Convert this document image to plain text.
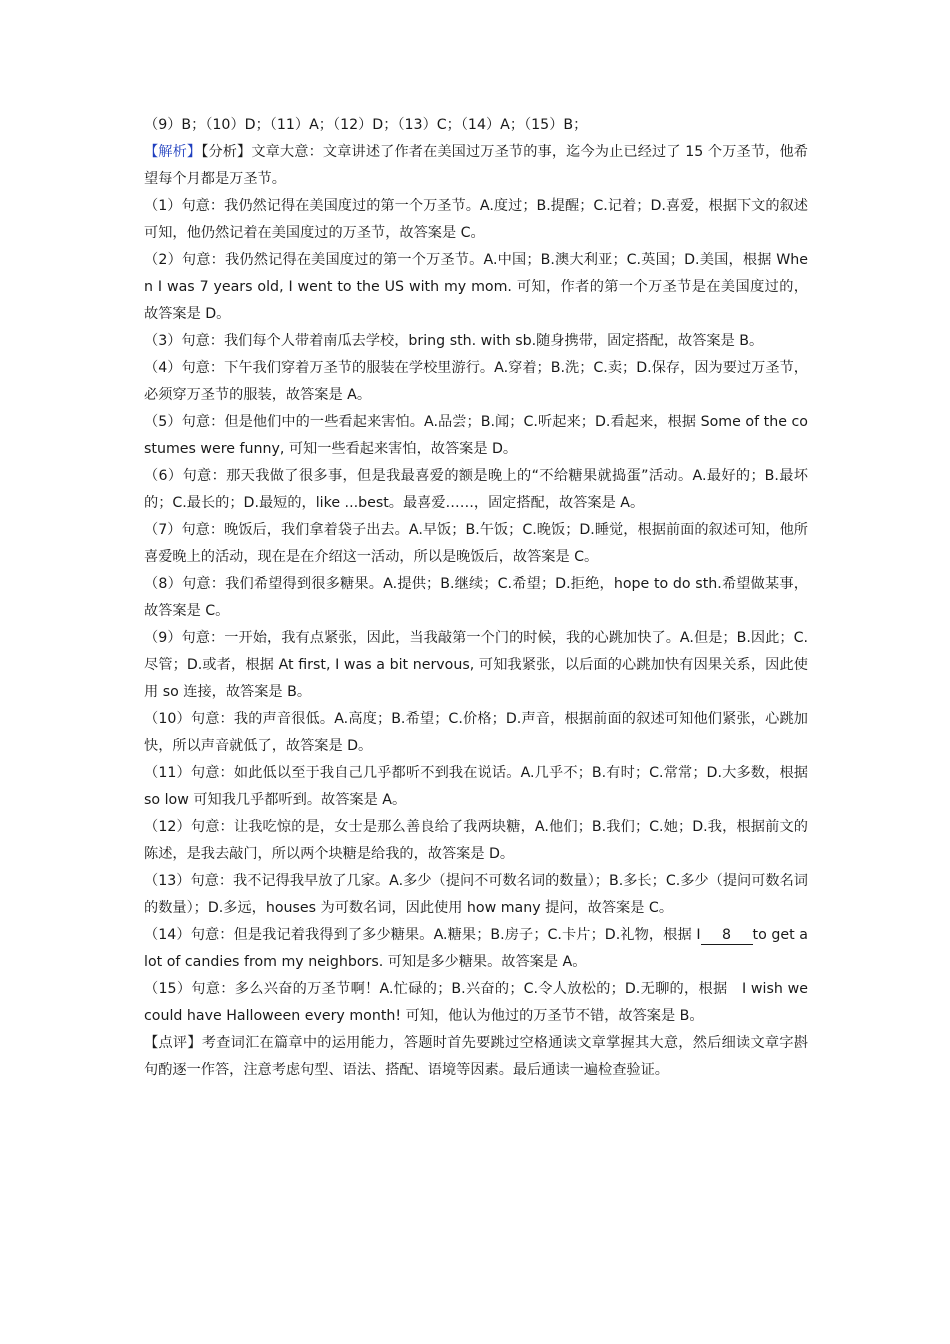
（9）B；（10）D；（11）A；（12）D；（13）C；（14）A；（15）B；

【解析】【分析】文章大意：文章讲述了作者在美国过万圣节的事，迄今为止已经过了 15 个万圣节，他希望每个月都是万圣节。

（1）句意：我仍然记得在美国度过的第一个万圣节。A.度过；B.提醒；C.记着；D.喜爱，根据下文的叙述可知，他仍然记着在美国度过的万圣节，故答案是 C。

（2）句意：我仍然记得在美国度过的第一个万圣节。A.中国；B.澳大利亚；C.英国；D.美国，根据 When I was 7 years old, I went to the US with my mom. 可知，作者的第一个万圣节是在美国度过的，故答案是 D。

（3）句意：我们每个人带着南瓜去学校，bring sth. with sb.随身携带，固定搭配，故答案是 B。

（4）句意：下午我们穿着万圣节的服装在学校里游行。A.穿着；B.洗；C.卖；D.保存，因为要过万圣节，必须穿万圣节的服装，故答案是 A。

（5）句意：但是他们中的一些看起来害怕。A.品尝；B.闻；C.听起来；D.看起来，根据 Some of the costumes were funny, 可知一些看起来害怕，故答案是 D。

（6）句意：那天我做了很多事，但是我最喜爱的额是晚上的“不给糖果就捣蛋”活动。A.最好的；B.最坏的；C.最长的；D.最短的，like ...best。最喜爱……，固定搭配，故答案是 A。

（7）句意：晚饭后，我们拿着袋子出去。A.早饭；B.午饭；C.晚饭；D.睡觉，根据前面的叙述可知，他所喜爱晚上的活动，现在是在介绍这一活动，所以是晚饭后，故答案是 C。

（8）句意：我们希望得到很多糖果。A.提供；B.继续；C.希望；D.拒绝，hope to do sth.希望做某事，故答案是 C。

（9）句意：一开始，我有点紧张，因此，当我敲第一个门的时候，我的心跳加快了。A.但是；B.因此；C.尽管；D.或者，根据 At first, I was a bit nervous, 可知我紧张，以后面的心跳加快有因果关系，因此使用 so 连接，故答案是 B。

（10）句意：我的声音很低。A.高度；B.希望；C.价格；D.声音，根据前面的叙述可知他们紧张，心跳加快，所以声音就低了，故答案是 D。

（11）句意：如此低以至于我自己几乎都听不到我在说话。A.几乎不；B.有时；C.常常；D.大多数，根据 so low 可知我几乎都听到。故答案是 A。

（12）句意：让我吃惊的是，女士是那么善良给了我两块糖，A.他们；B.我们；C.她；D.我，根据前文的陈述，是我去敲门，所以两个块糖是给我的，故答案是 D。

（13）句意：我不记得我早放了几家。A.多少（提问不可数名词的数量）；B.多长；C.多少（提问可数名词的数量）；D.多远，houses 为可数名词，因此使用 how many 提问，故答案是 C。

（14）句意：但是我记着我得到了多少糖果。A.糖果；B.房子；C.卡片；D.礼物，根据 I 8 to get a lot of candies from my neighbors. 可知是多少糖果。故答案是 A。

（15）句意：多么兴奋的万圣节啊！A.忙碌的；B.兴奋的；C.令人放松的；D.无聊的，根据　I wish we could have Halloween every month! 可知，他认为他过的万圣节不错，故答案是 B。

【点评】考查词汇在篇章中的运用能力，答题时首先要跳过空格通读文章掌握其大意，然后细读文章字斟句酌逐一作答，注意考虑句型、语法、搭配、语境等因素。最后通读一遍检查验证。
